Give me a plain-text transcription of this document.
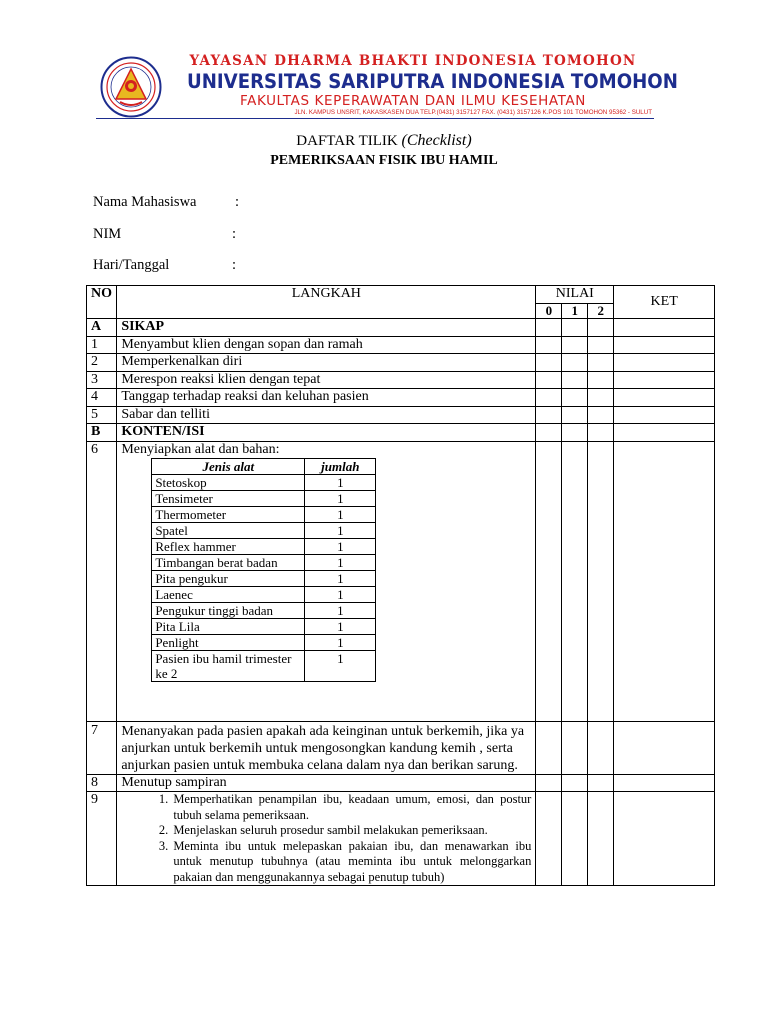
YAYASAN DHARMA BHAKTI INDONESIA TOMOHON
UNIVERSITAS SARIPUTRA INDONESIA TOMOHON
FAKULTAS KEPERAWATAN DAN ILMU KESEHATAN
JLN. KAMPUS UNSRIT, KAKASKASEN DUA TELP.(0431) 3157127 FAX. (0431) 3157126 K.POS 101 TOMOHON 95362 - SULUT
DAFTAR TILIK (Checklist)
PEMERIKSAAN FISIK IBU HAMIL
Nama Mahasiswa	:
NIM	:
Hari/Tanggal	:
NO	LANGKAH	NILAI	KET
0	1	2
A	SIKAP				
1	Menyambut klien dengan sopan dan ramah				
2	Memperkenalkan diri				
3	Merespon reaksi klien dengan tepat				
4	Tanggap terhadap reaksi dan keluhan pasien				
5	Sabar dan telliti				
B	KONTEN/ISI				
6	Menyiapkan alat dan bahan:
Jenis alat	jumlah
Stetoskop	1
Tensimeter	1
Thermometer	1
Spatel	1
Reflex hammer	1
Timbangan berat badan	1
Pita pengukur	1
Laenec	1
Pengukur tinggi badan	1
Pita Lila	1
Penlight	1
Pasien ibu hamil trimester ke 2	1

7	Menanyakan pada pasien apakah ada keinginan untuk berkemih, jika ya anjurkan untuk berkemih untuk mengosongkan kandung kemih , serta anjurkan pasien untuk membuka celana dalam nya dan berikan sarung.				
8	Menutup sampiran				
9	
1.Memperhatikan penampilan ibu, keadaan umum, emosi, dan postur tubuh selama pemeriksaan.
2. Menjelaskan seluruh prosedur sambil melakukan pemeriksaan.
3. Meminta ibu untuk melepaskan pakaian ibu, dan menawarkan ibu untuk menutup tubuhnya (atau meminta ibu untuk melonggarkan pakaian dan menggunakannya sebagai penutup tubuh)
